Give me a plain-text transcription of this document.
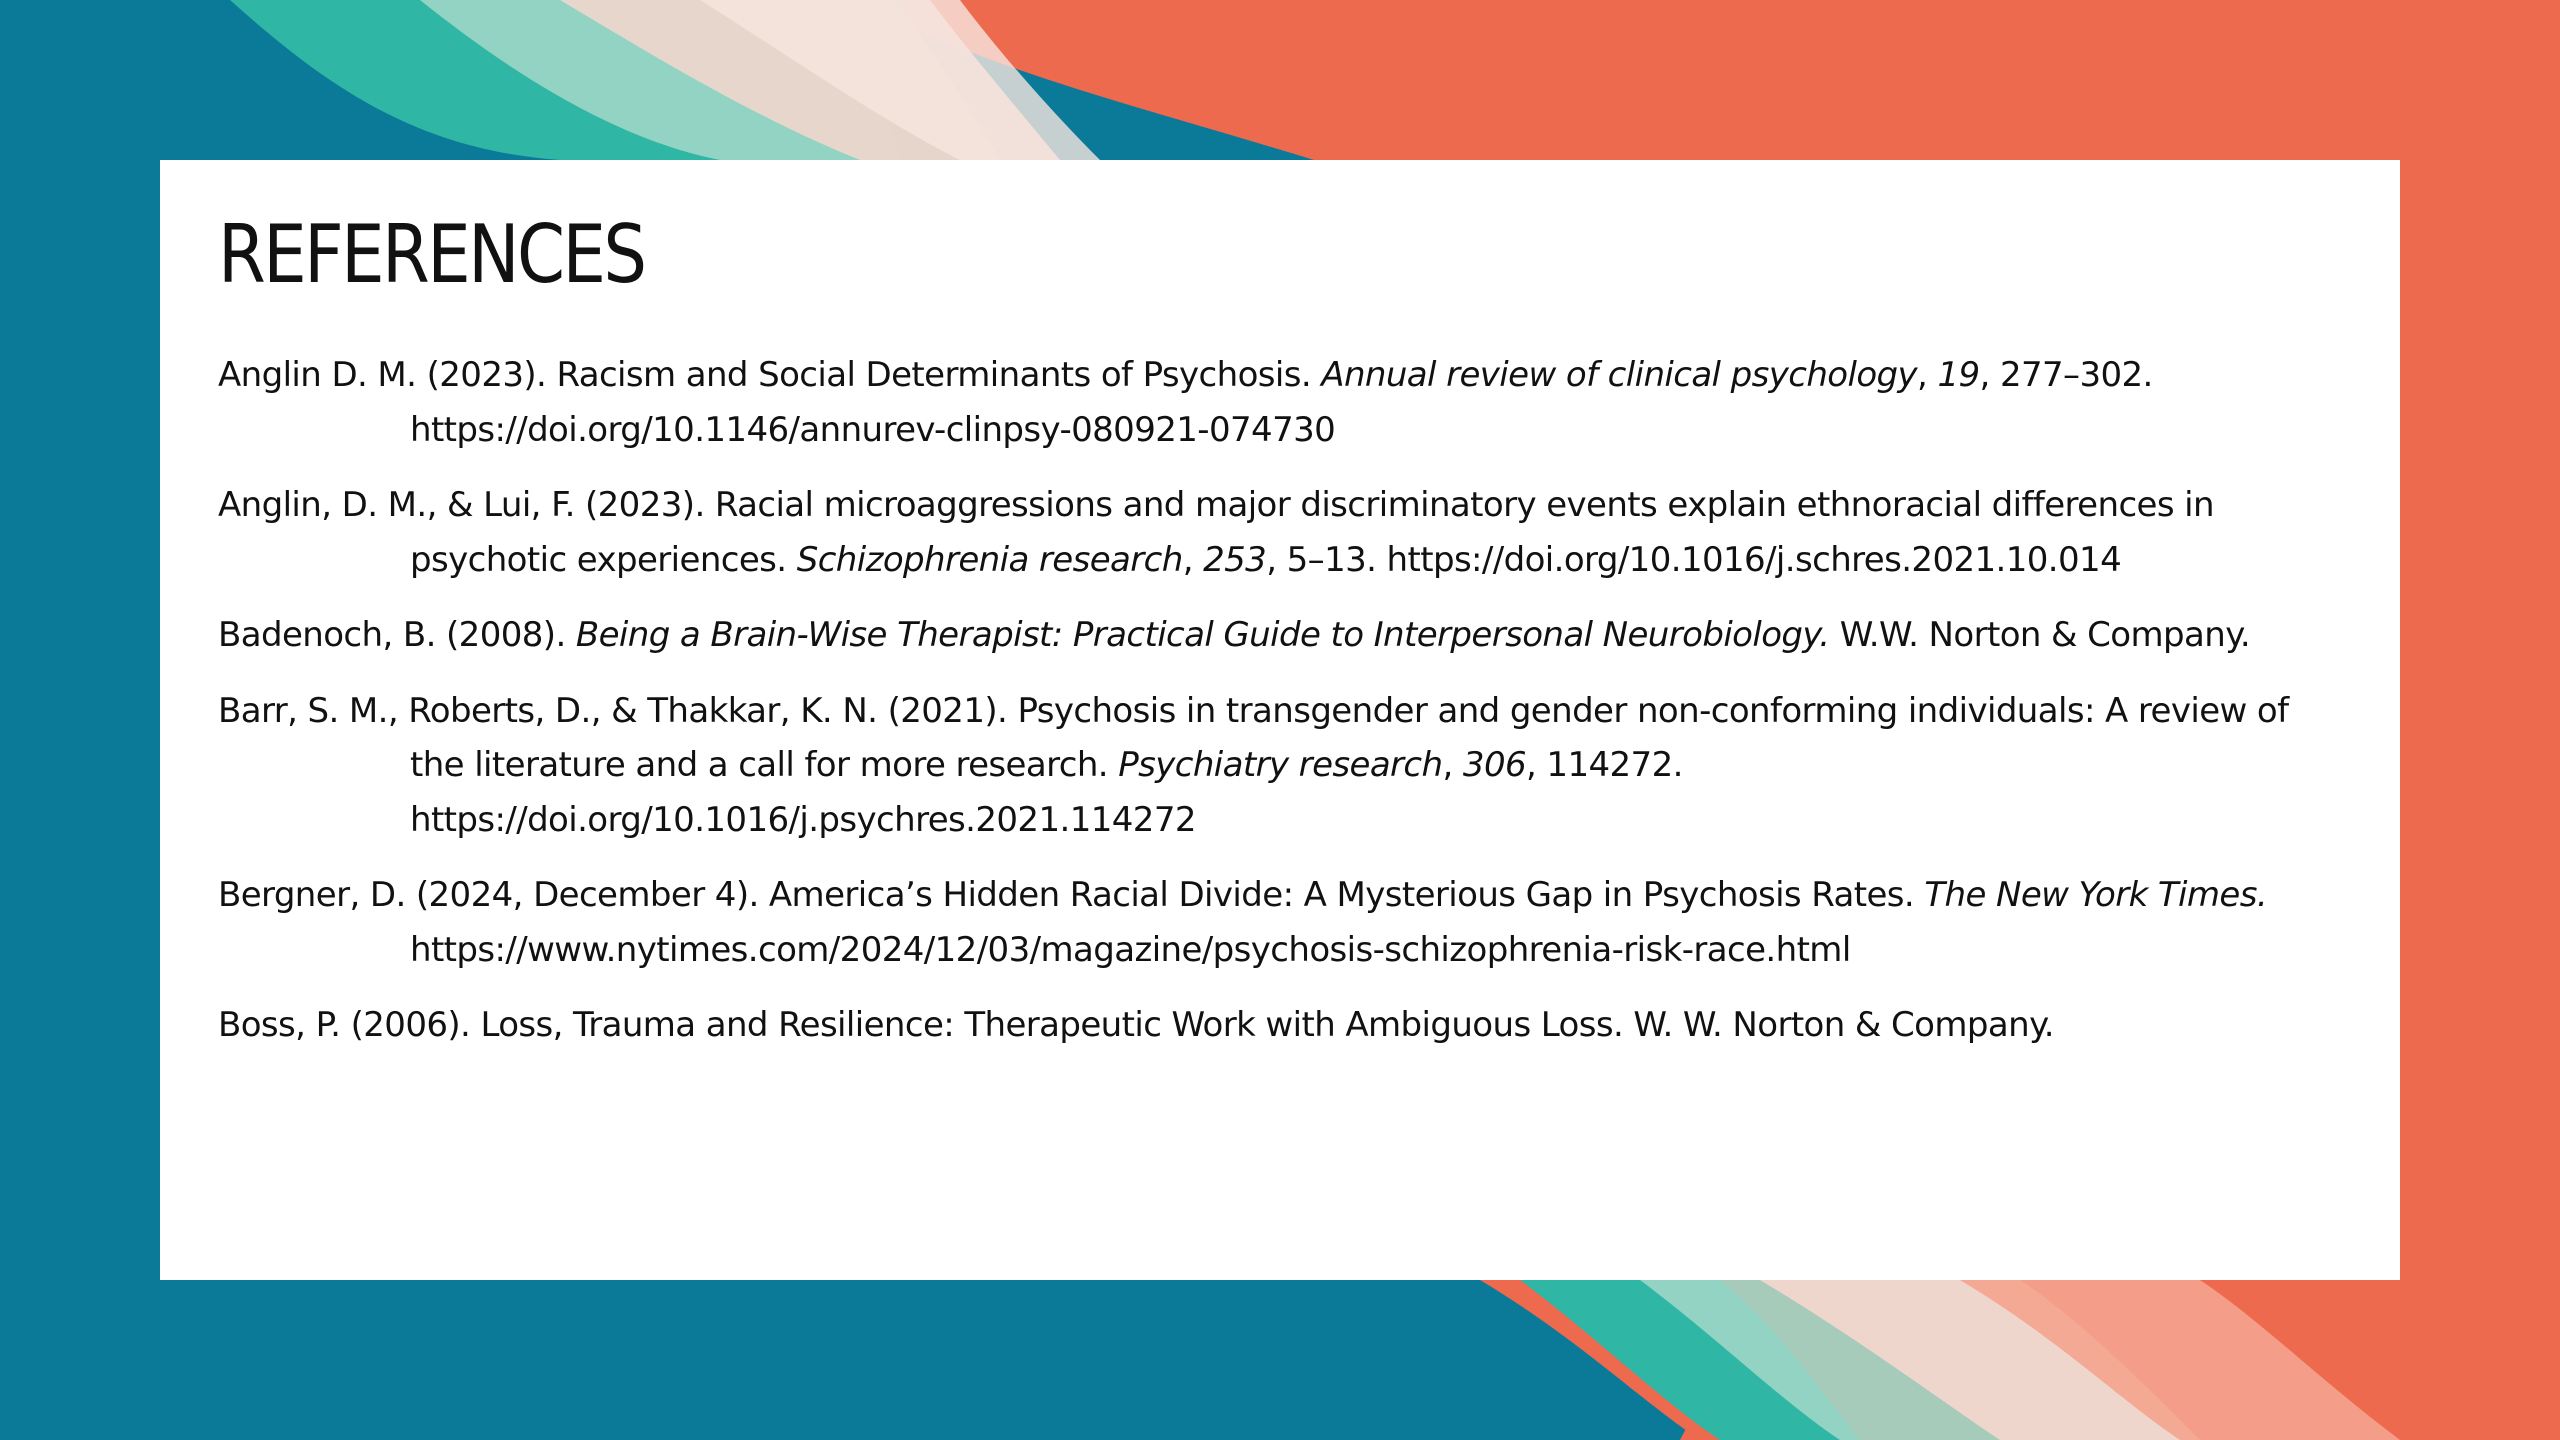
REFERENCES
Anglin D. M. (2023). Racism and Social Determinants of Psychosis. Annual review of clinical psychology, 19, 277–302. https://doi.org/10.1146/annurev-clinpsy-080921-074730
Anglin, D. M., & Lui, F. (2023). Racial microaggressions and major discriminatory events explain ethnoracial differences in psychotic experiences. Schizophrenia research, 253, 5–13. https://doi.org/10.1016/j.schres.2021.10.014
Badenoch, B. (2008). Being a Brain-Wise Therapist: Practical Guide to Interpersonal Neurobiology. W.W. Norton & Company.
Barr, S. M., Roberts, D., & Thakkar, K. N. (2021). Psychosis in transgender and gender non-conforming individuals: A review of the literature and a call for more research. Psychiatry research, 306, 114272. https://doi.org/10.1016/j.psychres.2021.114272
Bergner, D. (2024, December 4). America’s Hidden Racial Divide: A Mysterious Gap in Psychosis Rates. The New York Times. https://www.nytimes.com/2024/12/03/magazine/psychosis-schizophrenia-risk-race.html
Boss, P. (2006). Loss, Trauma and Resilience: Therapeutic Work with Ambiguous Loss. W. W. Norton & Company.
